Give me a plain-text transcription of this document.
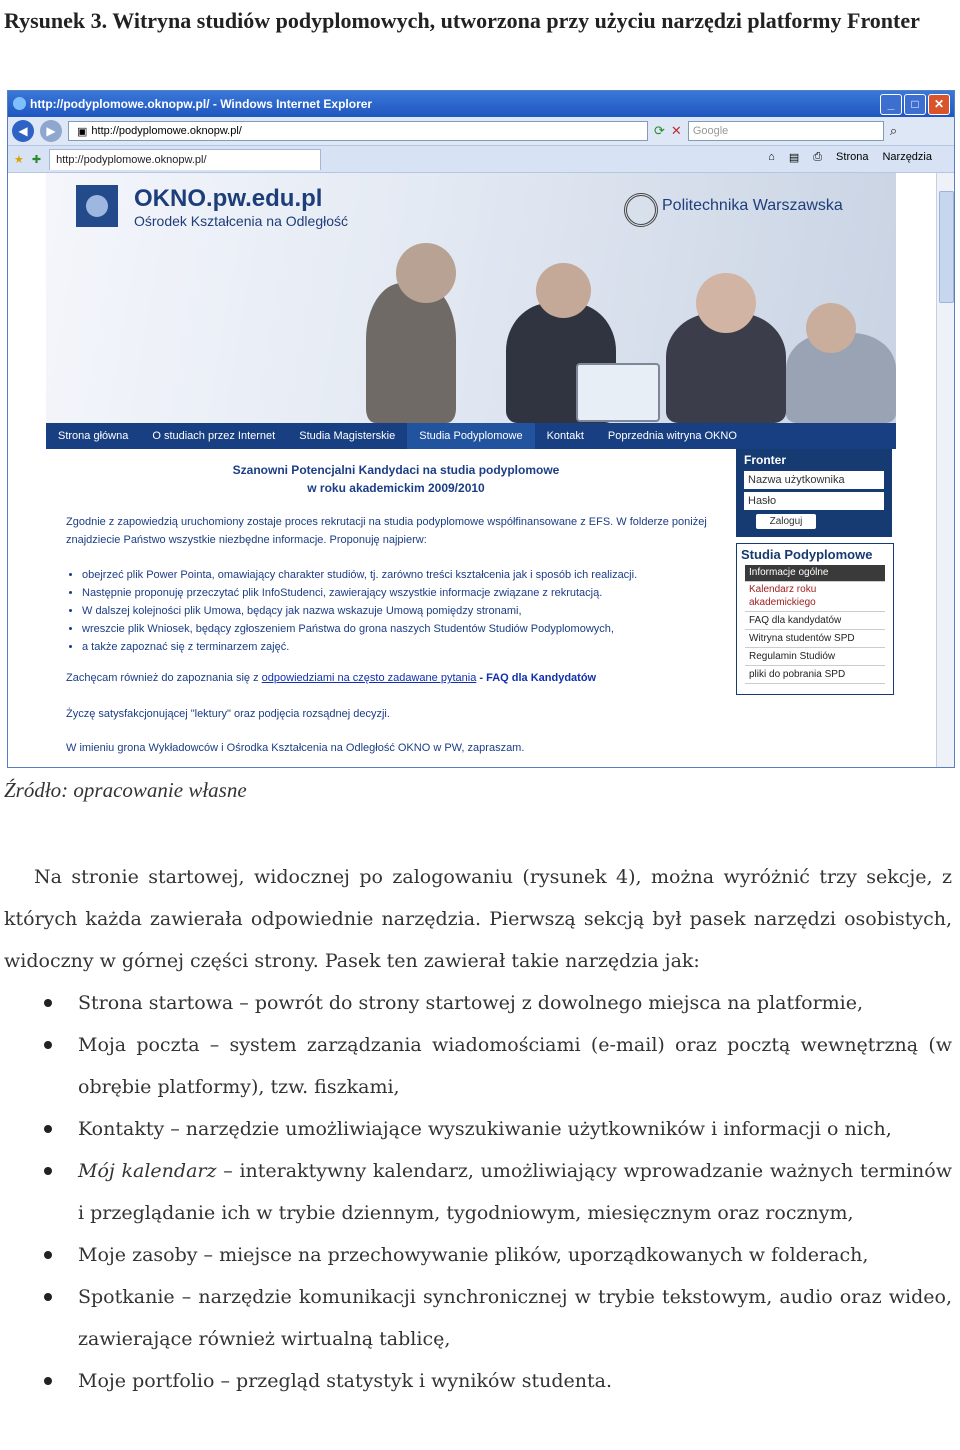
Rysunek 3. Witryna studiów podyplomowych, utworzona przy użyciu narzędzi platformy Fronter
http://podyplomowe.oknopw.pl/ - Windows Internet Explorer	_	□	✕
◀	▶	▣ http://podyplomowe.oknopw.pl/	⟳ ✕	Google	⌕
★ ✚ http://podyplomowe.oknopw.pl/	⌂ ▤ ⎙ Strona Narzędzia
OKNO.pw.edu.pl
Ośrodek Kształcenia na Odległość
Politechnika Warszawska
Strona główna	O studiach przez Internet	Studia Magisterskie	Studia Podyplomowe	Kontakt	Poprzednia witryna OKNO
Szanowni Potencjalni Kandydaci na studia podyplomowe
w roku akademickim 2009/2010
Zgodnie z zapowiedzią uruchomiony zostaje proces rekrutacji na studia podyplomowe współfinansowane z EFS. W folderze poniżej znajdziecie Państwo wszystkie niezbędne informacje. Proponuję najpierw:
• obejrzeć plik Power Pointa, omawiający charakter studiów, tj. zarówno treści kształcenia jak i sposób ich realizacji.
• Następnie proponuję przeczytać plik InfoStudenci, zawierający wszystkie informacje związane z rekrutacją.
• W dalszej kolejności plik Umowa, będący jak nazwa wskazuje Umową pomiędzy stronami,
• wreszcie plik Wniosek, będący zgłoszeniem Państwa do grona naszych Studentów Studiów Podyplomowych,
• a także zapoznać się z terminarzem zajęć.
Zachęcam również do zapoznania się z odpowiedziami na często zadawane pytania - FAQ dla Kandydatów
Życzę satysfakcjonującej "lektury" oraz podjęcia rozsądnej decyzji.
W imieniu grona Wykładowców i Ośrodka Kształcenia na Odległość OKNO w PW, zapraszam.
Fronter
Nazwa użytkownika
Hasło
Zaloguj
Studia Podyplomowe
Informacje ogólne
Kalendarz roku akademickiego
FAQ dla kandydatów
Witryna studentów SPD
Regulamin Studiów
pliki do pobrania SPD
Źródło: opracowanie własne

Na stronie startowej, widocznej po zalogowaniu (rysunek 4), można wyróżnić trzy sekcje, z których każda zawierała odpowiednie narzędzia. Pierwszą sekcją był pasek narzędzi osobistych, widoczny w górnej części strony. Pasek ten zawierał takie narzędzia jak:

Strona startowa – powrót do strony startowej z dowolnego miejsca na platformie,
Moja poczta – system zarządzania wiadomościami (e-mail) oraz pocztą wewnętrzną (w obrębie platformy), tzw. fiszkami,
Kontakty – narzędzie umożliwiające wyszukiwanie użytkowników i informacji o nich,
Mój kalendarz – interaktywny kalendarz, umożliwiający wprowadzanie ważnych terminów i przeglądanie ich w trybie dziennym, tygodniowym, miesięcznym oraz rocznym,
Moje zasoby – miejsce na przechowywanie plików, uporządkowanych w folderach,
Spotkanie – narzędzie komunikacji synchronicznej w trybie tekstowym, audio oraz wideo, zawierające również wirtualną tablicę,
Moje portfolio – przegląd statystyk i wyników studenta.
